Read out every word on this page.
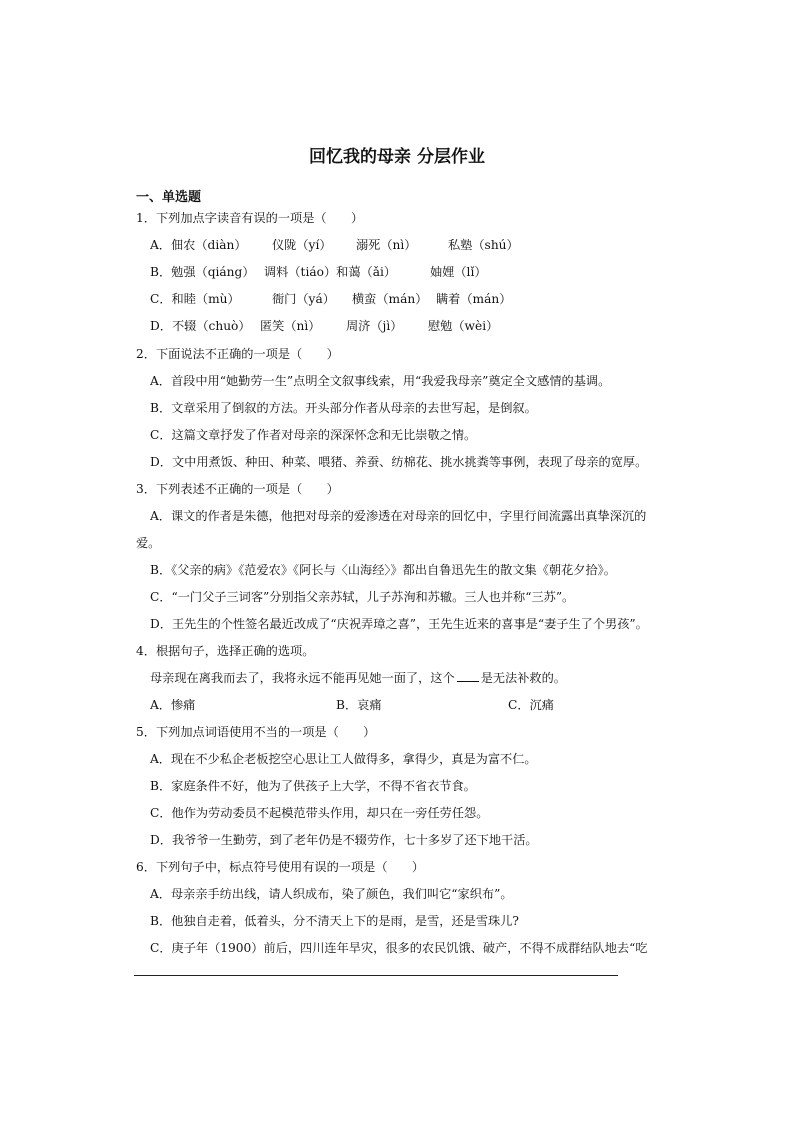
回忆我的母亲 分层作业
一、单选题
1．下列加点字读音有误的一项是（　　）
A．佃农（diàn） 仪陇（yí） 溺死（nì）	私塾（shú）
B．勉强（qiáng） 调料（tiáo）和蔼（ǎi）	妯娌（lǐ）
C．和睦（mù）	衙门（yá） 横蛮（mán） 瞒着（mán）
D．不辍（chuò） 匿笑（nì） 周济（jì） 慰勉（wèi）
2．下面说法不正确的一项是（　　）
A．首段中用“她勤劳一生”点明全文叙事线索，用“我爱我母亲”奠定全文感情的基调。
B．文章采用了倒叙的方法。开头部分作者从母亲的去世写起，是倒叙。
C．这篇文章抒发了作者对母亲的深深怀念和无比崇敬之情。
D．文中用煮饭、种田、种菜、喂猪、养蚕、纺棉花、挑水挑粪等事例，表现了母亲的宽厚。
3．下列表述不正确的一项是（　　）
A．课文的作者是朱德，他把对母亲的爱渗透在对母亲的回忆中，字里行间流露出真挚深沉的
爱。
B．《父亲的病》《范爱农》《阿长与〈山海经〉》都出自鲁迅先生的散文集《朝花夕拾》。
C．“一门父子三词客”分别指父亲苏轼，儿子苏洵和苏辙。三人也并称“三苏”。
D．王先生的个性签名最近改成了“庆祝弄璋之喜”，王先生近来的喜事是“妻子生了个男孩”。
4．根据句子，选择正确的选项。
母亲现在离我而去了，我将永远不能再见她一面了，这个 是无法补救的。
A．惨痛	B．哀痛	C．沉痛
5．下列加点词语使用不当的一项是（　　）
A．现在不少私企老板挖空心思让工人做得多，拿得少，真是为富不仁。
B．家庭条件不好，他为了供孩子上大学，不得不省衣节食。
C．他作为劳动委员不起模范带头作用，却只在一旁任劳任怨。
D．我爷爷一生勤劳，到了老年仍是不辍劳作，七十多岁了还下地干活。
6．下列句子中，标点符号使用有误的一项是（　　）
A．母亲亲手纺出线，请人织成布，染了颜色，我们叫它“家织布”。
B．他独自走着，低着头，分不清天上下的是雨，是雪，还是雪珠儿?
C．庚子年（1900）前后，四川连年旱灾，很多的农民饥饿、破产，不得不成群结队地去“吃
